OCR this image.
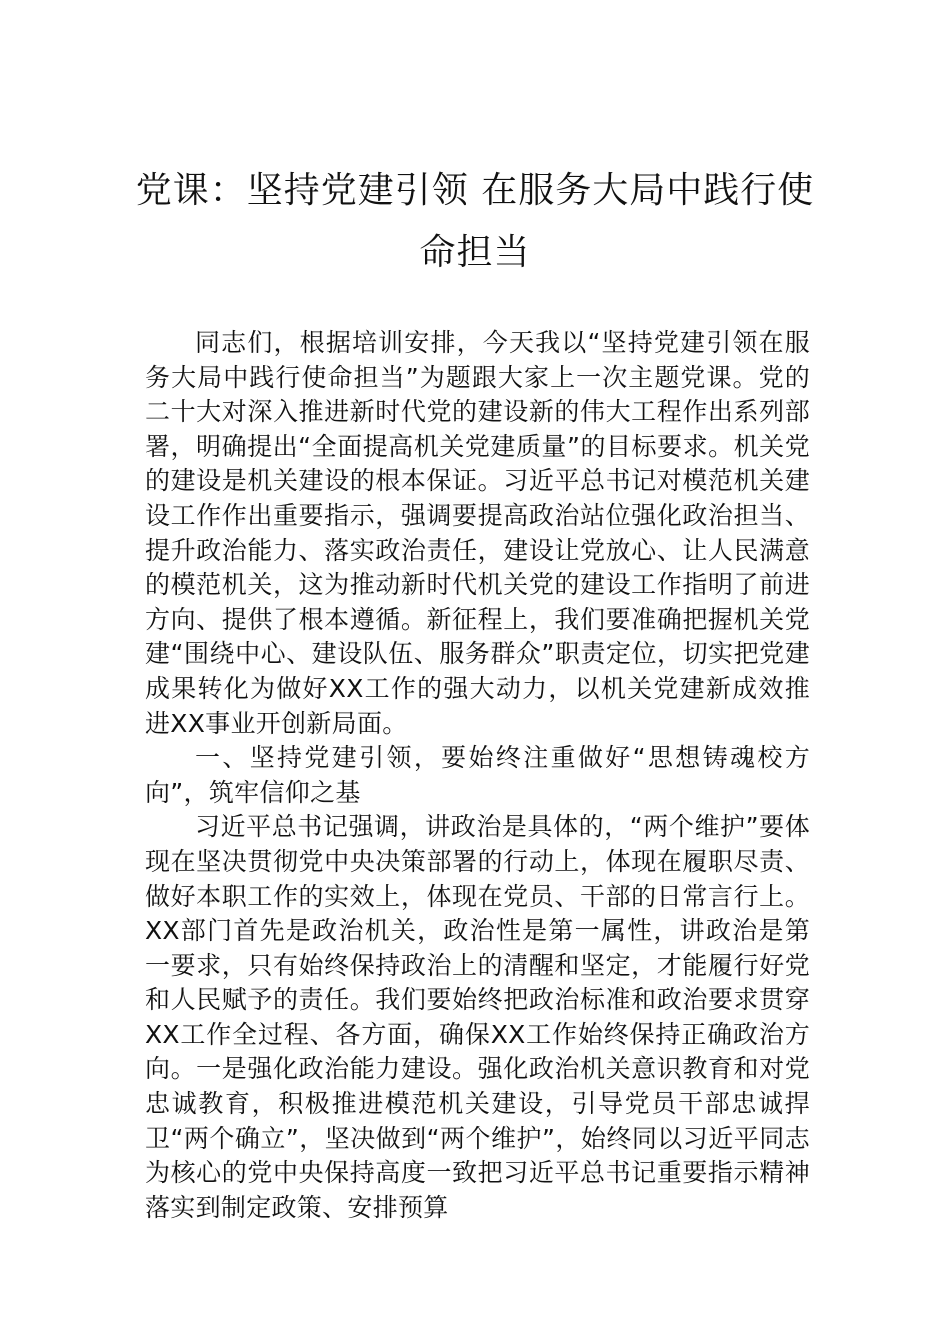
党课：坚持党建引领 在服务大局中践行使
命担当

同志们，根据培训安排，今天我以“坚持党建引领在服务大局中践行使命担当”为题跟大家上一次主题党课。党的二十大对深入推进新时代党的建设新的伟大工程作出系列部署，明确提出“全面提高机关党建质量”的目标要求。机关党的建设是机关建设的根本保证。习近平总书记对模范机关建设工作作出重要指示，强调要提高政治站位强化政治担当、提升政治能力、落实政治责任，建设让党放心、让人民满意的模范机关，这为推动新时代机关党的建设工作指明了前进方向、提供了根本遵循。新征程上，我们要准确把握机关党建“围绕中心、建设队伍、服务群众”职责定位，切实把党建成果转化为做好XX工作的强大动力，以机关党建新成效推进XX事业开创新局面。

一、坚持党建引领，要始终注重做好“思想铸魂校方向”，筑牢信仰之基

习近平总书记强调，讲政治是具体的，“两个维护”要体现在坚决贯彻党中央决策部署的行动上，体现在履职尽责、做好本职工作的实效上，体现在党员、干部的日常言行上。XX部门首先是政治机关，政治性是第一属性，讲政治是第一要求，只有始终保持政治上的清醒和坚定，才能履行好党和人民赋予的责任。我们要始终把政治标准和政治要求贯穿XX工作全过程、各方面，确保XX工作始终保持正确政治方向。一是强化政治能力建设。强化政治机关意识教育和对党忠诚教育，积极推进模范机关建设，引导党员干部忠诚捍卫“两个确立”，坚决做到“两个维护”，始终同以习近平同志为核心的党中央保持高度一致把习近平总书记重要指示精神落实到制定政策、安排预算
